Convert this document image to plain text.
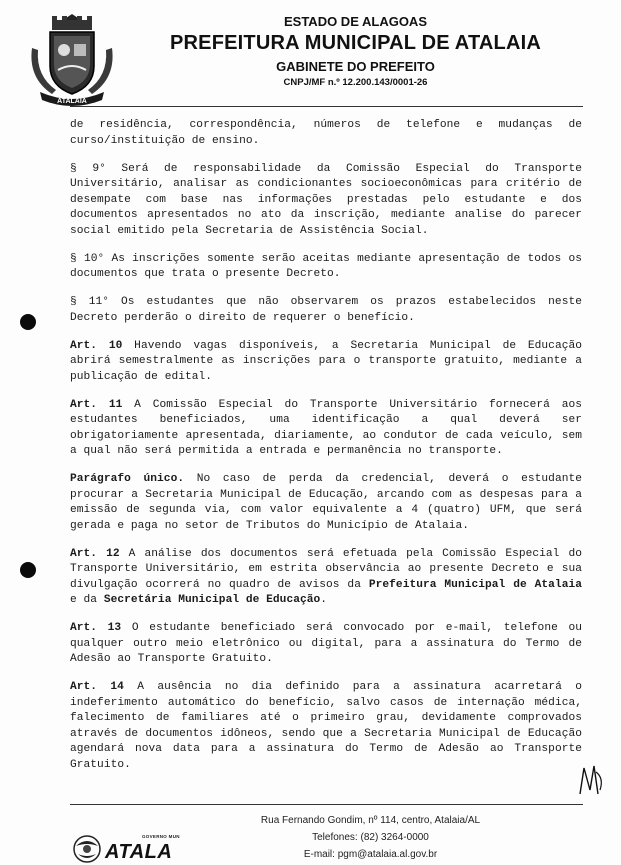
ATALAIA
ESTADO DE ALAGOAS
PREFEITURA MUNICIPAL DE ATALAIA
GABINETE DO PREFEITO
CNPJ/MF n.º 12.200.143/0001-26

de residência, correspondência, números de telefone e mudanças de curso/instituição de ensino.

§ 9° Será de responsabilidade da Comissão Especial do Transporte Universitário, analisar as condicionantes socioeconômicas para critério de desempate com base nas informações prestadas pelo estudante e dos documentos apresentados no ato da inscrição, mediante analise do parecer social emitido pela Secretaria de Assistência Social.

§ 10° As inscrições somente serão aceitas mediante apresentação de todos os documentos que trata o presente Decreto.

§ 11° Os estudantes que não observarem os prazos estabelecidos neste Decreto perderão o direito de requerer o benefício.

Art. 10 Havendo vagas disponíveis, a Secretaria Municipal de Educação abrirá semestralmente as inscrições para o transporte gratuito, mediante a publicação de edital.

Art. 11 A Comissão Especial do Transporte Universitário fornecerá aos estudantes beneficiados, uma identificação a qual deverá ser obrigatoriamente apresentada, diariamente, ao condutor de cada veículo, sem a qual não será permitida a entrada e permanência no transporte.

Parágrafo único. No caso de perda da credencial, deverá o estudante procurar a Secretaria Municipal de Educação, arcando com as despesas para a emissão de segunda via, com valor equivalente a 4 (quatro) UFM, que será gerada e paga no setor de Tributos do Município de Atalaia.

Art. 12 A análise dos documentos será efetuada pela Comissão Especial do Transporte Universitário, em estrita observância ao presente Decreto e sua divulgação ocorrerá no quadro de avisos da Prefeitura Municipal de Atalaia e da Secretária Municipal de Educação.

Art. 13 O estudante beneficiado será convocado por e-mail, telefone ou qualquer outro meio eletrônico ou digital, para a assinatura do Termo de Adesão ao Transporte Gratuito.

Art. 14 A ausência no dia definido para a assinatura acarretará o indeferimento automático do benefício, salvo casos de internação médica, falecimento de familiares até o primeiro grau, devidamente comprovados através de documentos idôneos, sendo que a Secretaria Municipal de Educação agendará nova data para a assinatura do Termo de Adesão ao Transporte Gratuito.

Rua Fernando Gondim, nº 114, centro, Atalaia/AL
Telefones: (82) 3264-0000
E-mail: pgm@atalaia.al.gov.br
GOVERNO MUN
ATALA
